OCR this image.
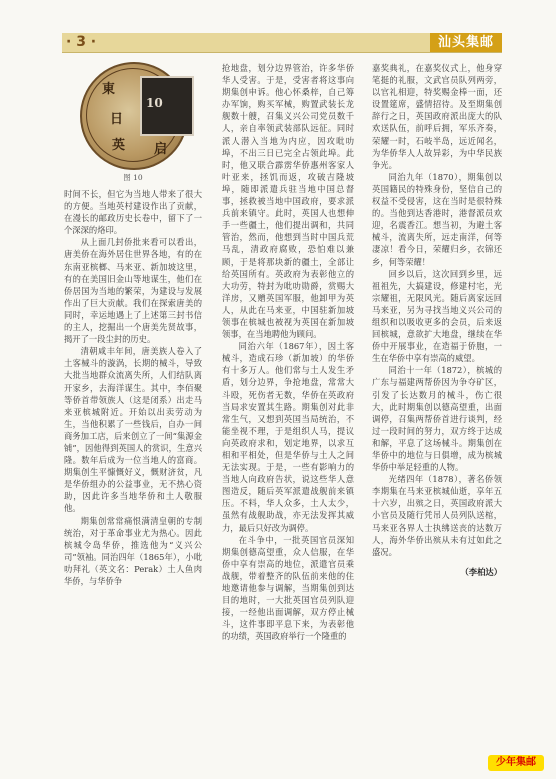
· 3 ·	汕头集邮
東
英 启
日
10
图 10

时间不长，但它为当地人带来了很大的方便。当地英村建设作出了贡献，在漫长的邮政历史长卷中，留下了一个深深的烙印。

从上面几封侨批来看可以看出，唐美侨在海外居住世界各地，有的在东南亚槟榔、马来亚、新加坡这里，有的在美国旧金山等地谋生，他们在侨居国为当地的繁荣，为建设与发展作出了巨大贡献。我们在探索唐美的同时，幸运地遇上了上述第三封书信的主人，挖掘出一个唐美先贤故事，揭开了一段尘封的历史。

清朝咸丰年间，唐美族人卷入了土客械斗的漩涡，长期的械斗，导致大批当地群众流离失所，人们结队离开家乡，去海洋谋生。其中，李佰聚等侨首带领族人（这是闭系）出走马来亚槟城附近。开始以出卖劳动为生，当他积累了一些钱后，自办一间商务加工店，后来创立了一间“集源金铺”，因他得到英国人的赏识，生意兴隆。数年后成为一位当地人的富商。期集创生平慷慨好义，慨财济贫，凡是华侨组办的公益事业，无不热心资助，因此许多当地华侨和土人敬服他。

期集创常常痛恨满清皇朝的专制统治，对于革命事业尤为热心。因此槟城令岛华侨，推选他为“义兴公司”领袖。同治四年（1865年），小吡叻拜礼（英文名：Perak）土人鱼肉华侨，与华侨争

抢地盘，划分边界管治，许多华侨华人受害。于是，受害者将这事向期集创申诉。他心怀桑梓，自己筹办军饷，购买军械，购置武装长龙舰数十艘，召集义兴公司党员数千人，亲自率领武装部队远征。同时派人潜入当地为内应，因攻吡叻埠，不出三日已完全占领此埠。此时，他又联合霹雳华侨惠州客家人叶亚来，拯饥而返，攻破吉隆坡埠，随即派遣兵驻当地中国总督事，拯救被当地中国政府，要求派兵前来镇守。此时，英国人也想伸手一些疆土，他们提出调和，共同管治，然而，他想到当时中国兵荒马乱，清政府腐败，恐怕难以兼顾，于是将那块新的疆土，全部让给英国所有。英政府为表彰他立的大功劳，特封为吡叻勋爵，赏赐大洋房，又赠英国军服，他卸甲为英人，从此在马来亚，中国驻新加坡领事在槟城也被视为英国在新加坡领事，在当地聘他为顾问。

同治六年（1867年），因土客械斗，造成石珍（新加坡）的华侨有十多万人。他们常与土人发生矛盾，划分边界，争抢地盘，常常大斗殴，死伤者无数，华侨在英政府当局求安置其生路。期集创对此非常生气，又想到英国当局统治，不能坐视不理，于是组织人马，提议向英政府求和，划定地界，以求互相和平相处，但是华侨与土人之间无法实现。于是，一些有影响力的当地人向政府告状，说这些华人意图造反，随后英军派遣战舰前来镇压。不料，华人众多，土人太少，虽然有战舰助战，亦无法发挥其威力，最后只好改为调停。

在斗争中，一批英国官员深知期集创德高望重，众人信服，在华侨中享有崇高的地位，派遣官员乘战舰，带着整齐的队伍前来他的住地邀请他参与调解，当期集创到达目的地时，一大批英国官员列队迎接，一经他出面调解，双方停止械斗，这件事即平息下来，为表彰他的功绩，英国政府举行一个隆重的

嘉奖典礼，在嘉奖仪式上，他身穿笔挺的礼服，文武官员队列两旁，以官礼相迎，特奖赐金棒一面，还设置筵席，盛情招待。及至期集创辞行之日，英国政府派出庞大的队欢送队伍，前呼后拥，军乐齐奏，荣耀一时，石岐半岛，远近闻名，为华侨华人人故异彩，为中华民族争光。

同治九年（1870），期集创以英国籍民的特殊身份，坚信自己的权益不受侵害，这在当时是很特殊的。当他到达香港时，港督派员欢迎，名震香江。想当初，为避土客械斗，流离失所，远走南洋，何等凄凉！看今日，荣耀归乡，衣锦还乡，何等荣耀！

回乡以后，这次回到乡里，远祖祖先，大搞建设，修建村宅，光宗耀祖，无限风光。随后离家远回马来亚，另为寻找当地义兴公司的组织和以吸收更多的会员，后来返回槟城，意欲扩大地盘，继续在华侨中开展事业，在造福于侨胞，一生在华侨中享有崇高的威望。

同治十一年（1872），槟城的广东与福建两帮侨因为争夺矿区，引发了长达数月的械斗，伤亡很大，此时期集创以德高望重，出面调停，召集两帮侨首进行谈判，经过一段时间的努力，双方终于达成和解，平息了这场械斗。期集创在华侨中的地位与日俱增，成为槟城华侨中举足轻重的人物。

光绪四年（1878），著名侨领李期集在马来亚槟城仙逝，享年五十六岁，出殡之日，英国政府派大小官员及随行凭吊人员列队送棺，马来亚各界人士执绋送丧的达数万人，海外华侨出殡从未有过如此之盛况。

（李柏达）
少年集邮
